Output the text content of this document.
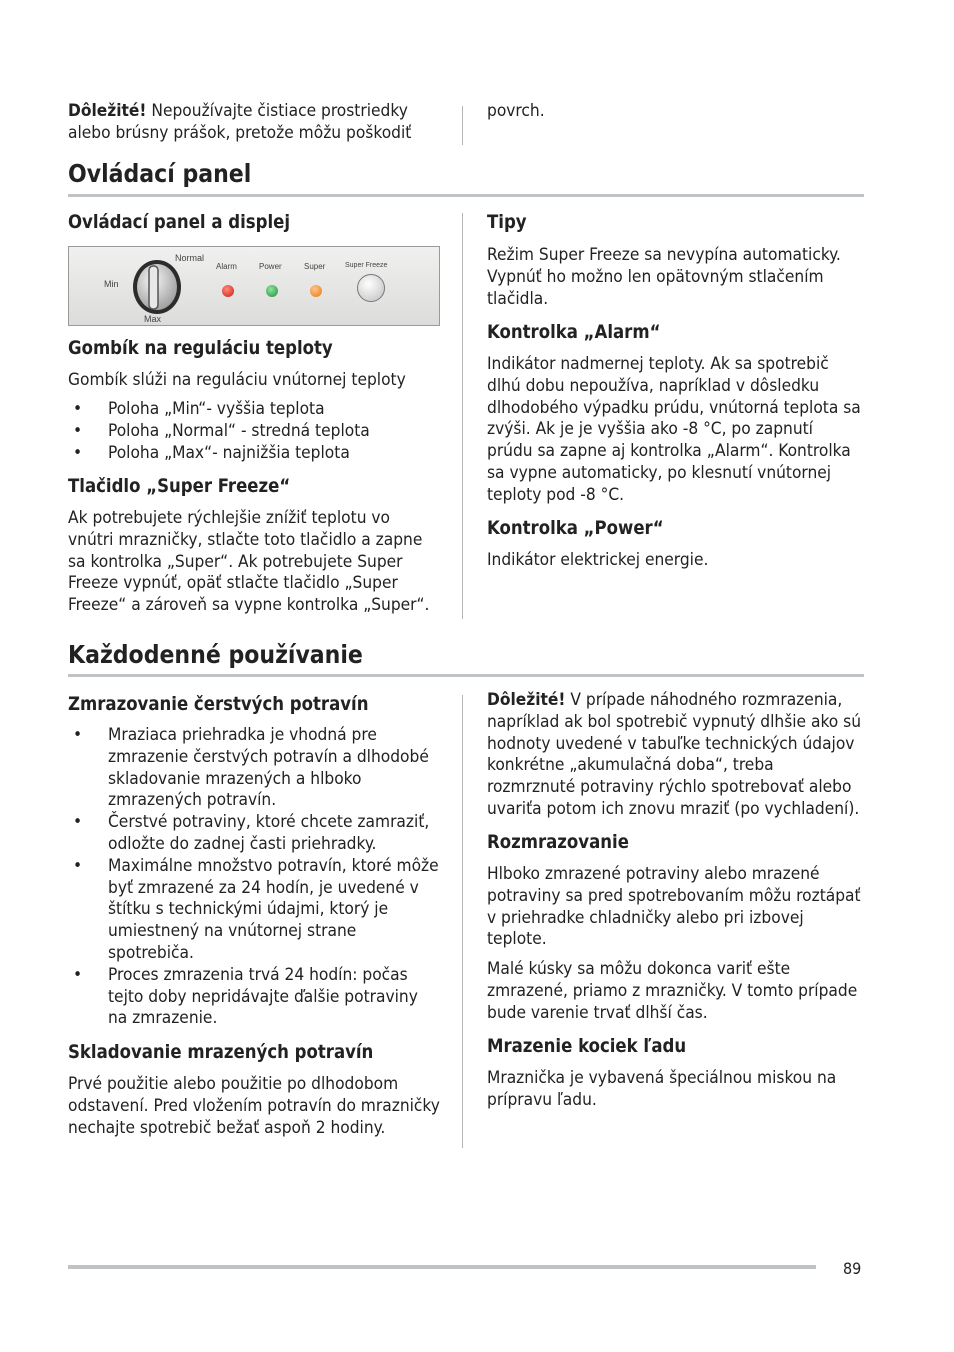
Dôležité! Nepoužívajte čistiace prostriedky alebo brúsny prášok, pretože môžu poškodiť

povrch.

Ovládací panel
Ovládací panel a displej
Min
Normal
Max
Alarm	Power	Super	Super Freeze
Gombík na reguláciu teploty

Gombík slúži na reguláciu vnútornej teploty

• Poloha „Min“- vyššia teplota
• Poloha „Normal“ - stredná teplota
• Poloha „Max“- najnižšia teplota
Tlačidlo „Super Freeze“

Ak potrebujete rýchlejšie znížiť teplotu vo vnútri mrazničky, stlačte toto tlačidlo a zapne sa kontrolka „Super“. Ak potrebujete Super Freeze vypnúť, opäť stlačte tlačidlo „Super Freeze“ a zároveň sa vypne kontrolka „Super“.

Tipy

Režim Super Freeze sa nevypína automaticky. Vypnúť ho možno len opätovným stlačením tlačidla.

Kontrolka „Alarm“

Indikátor nadmernej teploty. Ak sa spotrebič dlhú dobu nepoužíva, napríklad v dôsledku dlhodobého výpadku prúdu, vnútorná teplota sa zvýši. Ak je je vyššia ako -8 °C, po zapnutí prúdu sa zapne aj kontrolka „Alarm“. Kontrolka sa vypne automaticky, po klesnutí vnútornej teploty pod -8 °C.

Kontrolka „Power“

Indikátor elektrickej energie.

Každodenné používanie
Zmrazovanie čerstvých potravín
• Mraziaca priehradka je vhodná pre zmrazenie čerstvých potravín a dlhodobé skladovanie mrazených a hlboko zmrazených potravín.
• Čerstvé potraviny, ktoré chcete zamraziť, odložte do zadnej časti priehradky.
• Maximálne množstvo potravín, ktoré môže byť zmrazené za 24 hodín, je uvedené v štítku s technickými údajmi, ktorý je umiestnený na vnútornej strane spotrebiča.
• Proces zmrazenia trvá 24 hodín: počas tejto doby nepridávajte ďalšie potraviny na zmrazenie.
Skladovanie mrazených potravín

Prvé použitie alebo použitie po dlhodobom odstavení. Pred vložením potravín do mrazničky nechajte spotrebič bežať aspoň 2 hodiny.

Dôležité! V prípade náhodného rozmrazenia, napríklad ak bol spotrebič vypnutý dlhšie ako sú hodnoty uvedené v tabuľke technických údajov konkrétne „akumulačná doba“, treba rozmrznuté potraviny rýchlo spotrebovať alebo uvariťa potom ich znovu mraziť (po vychladení).

Rozmrazovanie

Hlboko zmrazené potraviny alebo mrazené potraviny sa pred spotrebovaním môžu roztápať v priehradke chladničky alebo pri izbovej teplote.

Malé kúsky sa môžu dokonca variť ešte zmrazené, priamo z mrazničky. V tomto prípade bude varenie trvať dlhší čas.

Mrazenie kociek ľadu

Mraznička je vybavená špeciálnou miskou na prípravu ľadu.

89
